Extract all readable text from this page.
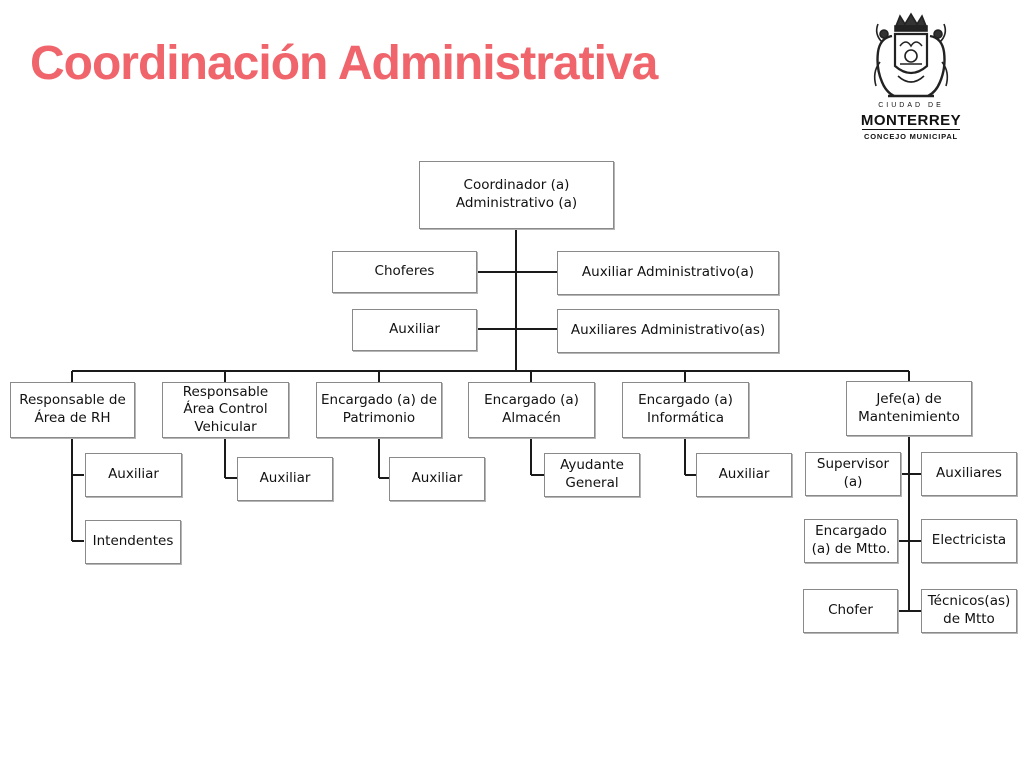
Coordinación Administrativa
CIUDAD DE
MONTERREY
CONCEJO MUNICIPAL
Coordinador (a) Administrativo (a)
Choferes
Auxiliar
Auxiliar Administrativo(a)
Auxiliares Administrativo(as)
Responsable de Área de RH
Responsable Área Control Vehicular
Encargado (a) de Patrimonio
Encargado (a) Almacén
Encargado (a) Informática
Jefe(a) de Mantenimiento
Auxiliar
Intendentes
Auxiliar	Auxiliar
Ayudante General
Auxiliar
Supervisor (a)
Encargado (a) de Mtto.
Chofer
Auxiliares
Electricista
Técnicos(as) de Mtto
